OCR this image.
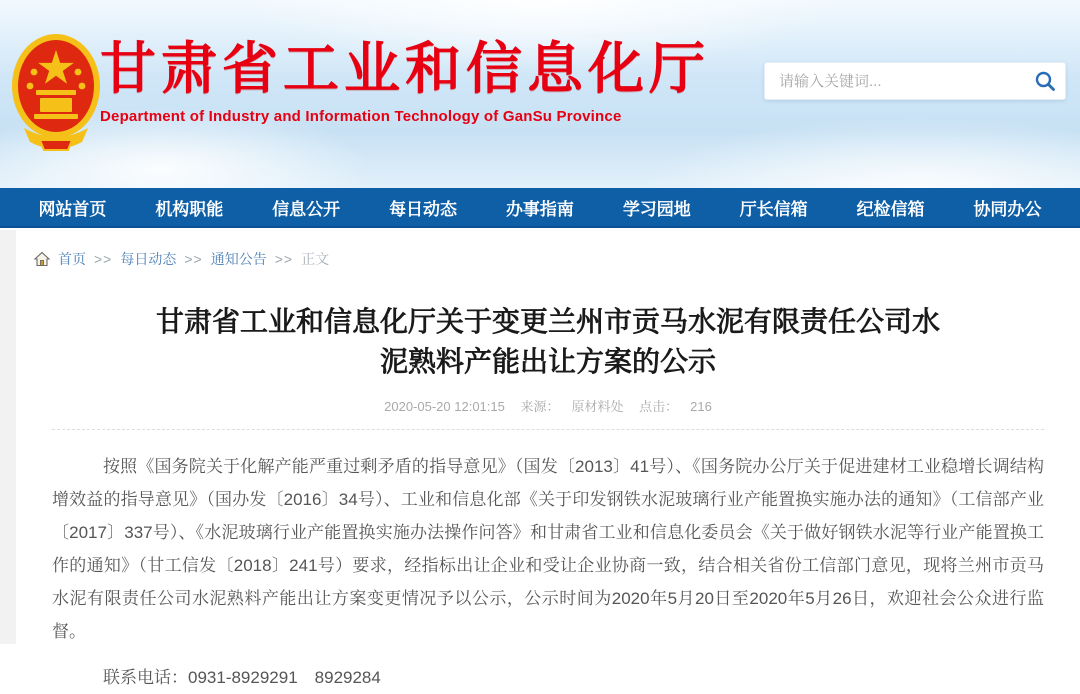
甘肃省工业和信息化厅
Department of Industry and Information Technology of GanSu Province
请输入关键词...
网站首页	机构职能	信息公开	每日动态	办事指南	学习园地	厅长信箱	纪检信箱	协同办公
首页 >> 每日动态 >> 通知公告 >> 正文
甘肃省工业和信息化厅关于变更兰州市贡马水泥有限责任公司水泥熟料产能出让方案的公示
2020-05-20 12:01:15 来源： 原材料处 点击： 216

按照《国务院关于化解产能严重过剩矛盾的指导意见》（国发〔2013〕41号）、《国务院办公厅关于促进建材工业稳增长调结构增效益的指导意见》（国办发〔2016〕34号）、工业和信息化部《关于印发钢铁水泥玻璃行业产能置换实施办法的通知》（工信部产业〔2017〕337号）、《水泥玻璃行业产能置换实施办法操作问答》和甘肃省工业和信息化委员会《关于做好钢铁水泥等行业产能置换工作的通知》（甘工信发〔2018〕241号）要求，经指标出让企业和受让企业协商一致，结合相关省份工信部门意见，现将兰州市贡马水泥有限责任公司水泥熟料产能出让方案变更情况予以公示，公示时间为2020年5月20日至2020年5月26日，欢迎社会公众进行监督。

联系电话：0931-8929291　8929284
